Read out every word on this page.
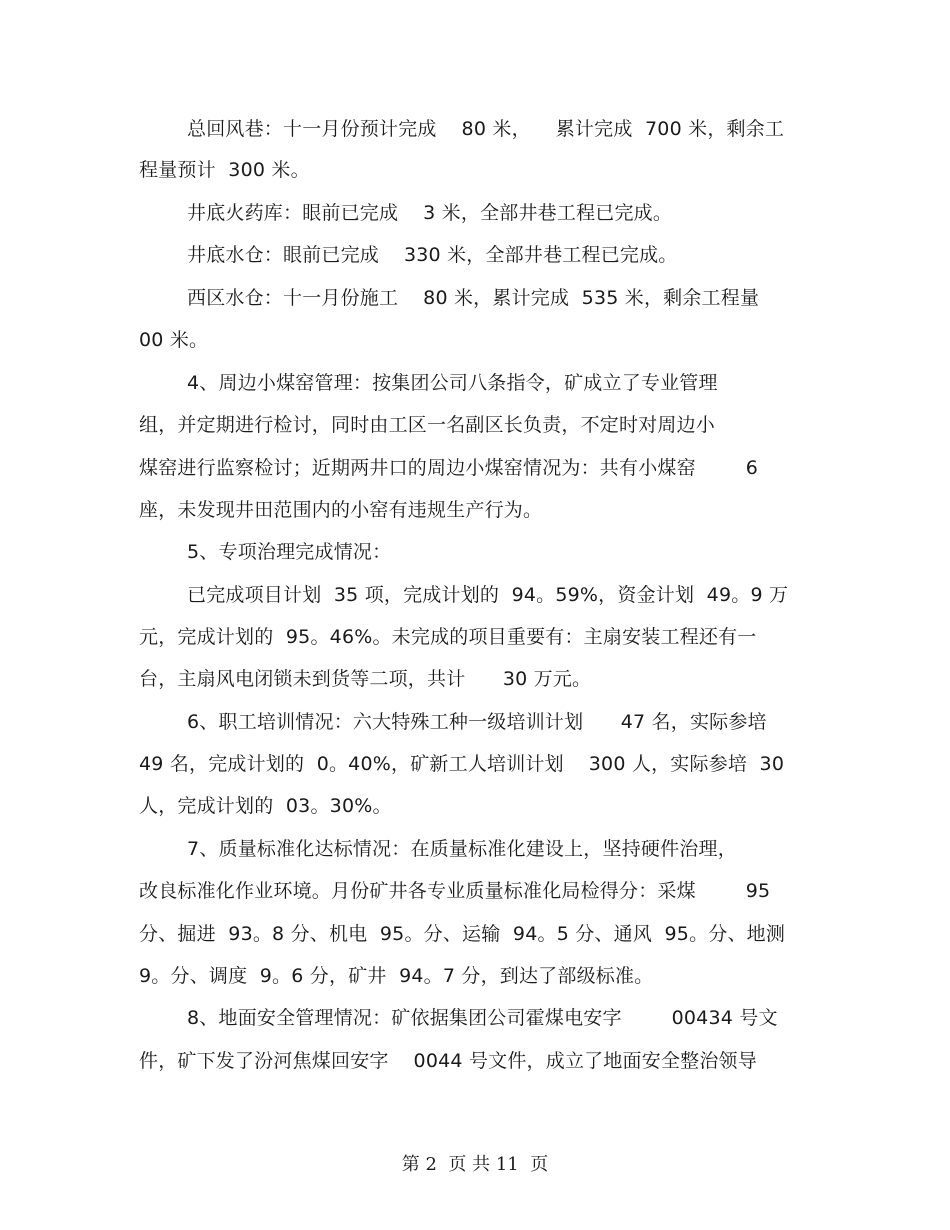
总回风巷：十一月份预计完成    80 米，    累计完成  700 米，剩余工
程量预计  300 米。
井底火药库：眼前已完成    3 米，全部井巷工程已完成。
井底水仓：眼前已完成    330 米，全部井巷工程已完成。
西区水仓：十一月份施工    80 米，累计完成  535 米，剩余工程量
00 米。
4、周边小煤窑管理：按集团公司八条指令，矿成立了专业管理
组，并定期进行检讨，同时由工区一名副区长负责，不定时对周边小
煤窑进行监察检讨；近期两井口的周边小煤窑情况为：共有小煤窑        6
座，未发现井田范围内的小窑有违规生产行为。
5、专项治理完成情况：
已完成项目计划  35 项，完成计划的  94。59%，资金计划  49。9 万
元，完成计划的  95。46%。未完成的项目重要有：主扇安装工程还有一
台，主扇风电闭锁未到货等二项，共计      30 万元。
6、职工培训情况：六大特殊工种一级培训计划      47 名，实际参培
49 名，完成计划的  0。40%，矿新工人培训计划    300 人，实际参培  30
人，完成计划的  03。30%。
7、质量标准化达标情况：在质量标准化建设上，坚持硬件治理，
改良标准化作业环境。月份矿井各专业质量标准化局检得分：采煤        95
分、掘进  93。8 分、机电  95。分、运输  94。5 分、通风  95。分、地测
9。分、调度  9。6 分，矿井  94。7 分，到达了部级标准。
8、地面安全管理情况：矿依据集团公司霍煤电安字        00434 号文
件，矿下发了汾河焦煤回安字    0044 号文件，成立了地面安全整治领导
第 2  页 共 11  页
